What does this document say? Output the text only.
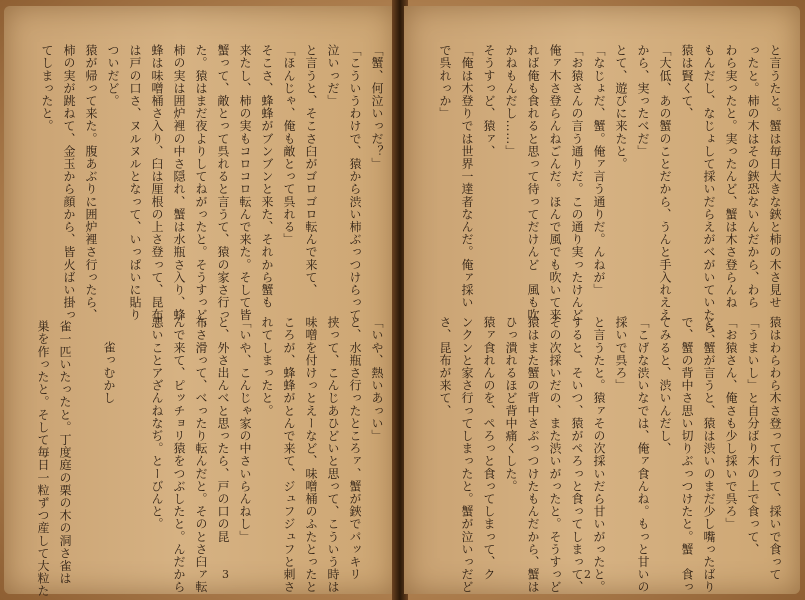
「蟹、何泣いっだ？」
「こういうわけで、猿から渋い柿ぶっつけらって
泣いっだ」
と言うと、そこさ臼がゴロゴロ転んで来て、
「ほんじゃ、俺も敵とって呉れる」
そこさ、蜂蜂がブンブンと来た、それから蟹も
来たし、柿の実もコロコロ転んで来た。そして皆
蟹って、敵とって呉れると言うて、猿の家さ行っ
た。猿はまだ夜よりしてねがったと。そうすっど、
柿の実は囲炉裡の中さ隠れ、蟹は水瓶さ入り、蜂
蜂は味噌桶さ入り、臼は厘根の上さ登って、昆布
は戸の口さ、ヌルヌルとなって、いっぱいに貼り
ついだど。
猿が帰って来た。腹あぶりに囲炉裡さ行ったら、
柿の実が跳ねて、金玉から顔から、皆火ばい掛っ
てしまったと。
「いや、熱いあっい」
と、水瓶さ行ったところァ、蟹が鋏でパッキリ
挟って、こんじあひどいと思って、こういう時は
味噌を付けっとえーなど、味噌桶のふたとったと
ころが、蜂蜂がとんで来て、ジュフジュフと刺さ
れてしまったと。
「いや、こんじゃ家の中さいらんねし」
と、外さ出んべと思ったら、戸の口の昆
布さ滑って、べったり転んだと。そのとさ臼ァ転
んで来て、ピッチョリ猿をつぶしたと。んだから
悪いことアざんねなぢ。とーびんと。
雀っむかし
雀一匹いたったと。丁度庭の栗の木の洞さ雀は
巣を作ったと。そして毎日一粒ずつ産して大粒た	3
と言うたと。蟹は毎日大きな鋏と柿の木さ見せ
ったと。柿の木はその鋏恐ないんだから、わら
わら実ったと。実ったんど、蟹は木さ登らんね
もんだし、なじょして採いだらえがべがいていたら、
猿は賢くて、
「大低、あの蟹のことだから、うんと手入れええ
から、実ったべだ」
とて、遊びに来たと。
「なじょだ、蟹。俺ァ言う通りだ。んねが」
「お猿さんの言う通りだ。この通り実ったけんど
俺ァ木さ登らんねごんだ。ほんで風でも吹いて来
れば俺も食れると思って待ってだけんど　風も吹
かねもんだし……」
そうすっど、猿ァ、
「俺は木登りでは世界一達者なんだ。俺ァ採い
で呉れっか」
猿はわらわら木さ登って行って、採いで食って
「うまいし」と自分ばり木の上で食って、
「お猿さん、俺さも少し採いで呉ろ」
と、蟹が言うと、猿は渋いのまだ少し嘴ったばり
で、蟹の背中さ思い切りぶっつけたと。蟹　食っ
てみると、渋いんだし、
「こげな渋いなでは、俺ァ食んね。もっと甘いの
採いで呉ろ」
と言うたと。猿ァその次採いだら甘いがったと。
すると、そいつ、猿がペろっと食ってしまって、
その次採いだの、また渋いがったと。そうすっど
猿はまた蟹の背中さぶっつけたもんだから、蟹は
ひっ潰れるほど背中痛くした。
猿ァ食れんのを、ペろっと食ってしまって、ク
ンクンと家さ行ってしまったと。蟹が泣いっだど
さ、昆布が来て、
2
